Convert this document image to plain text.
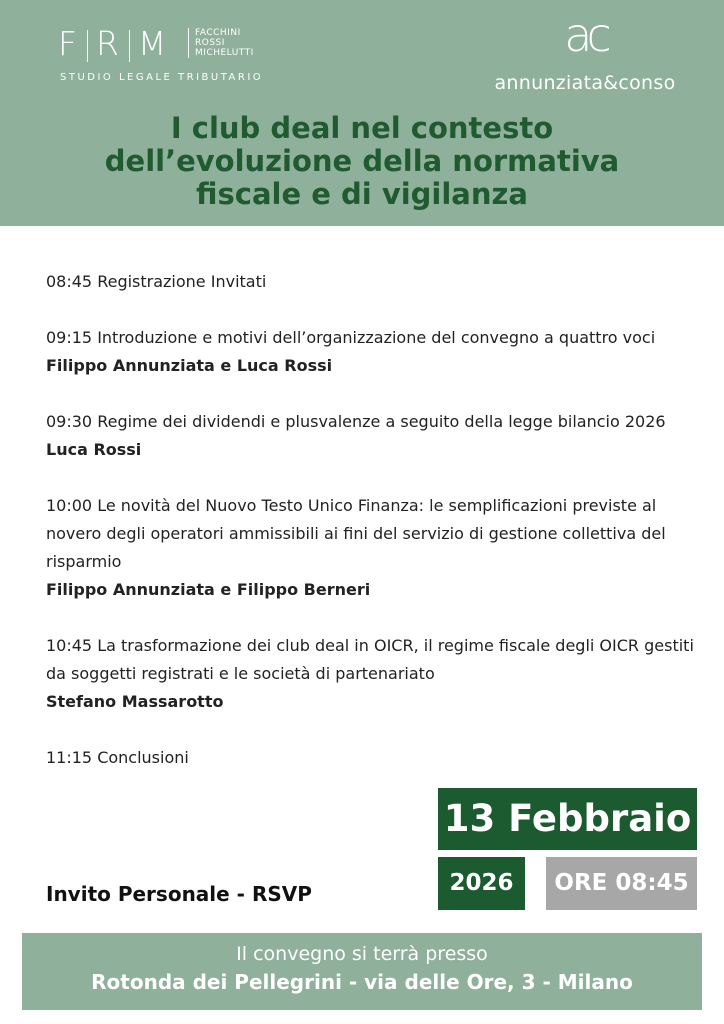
F R M	FACCHINI
ROSSI
MICHELUTTI
STUDIO LEGALE TRIBUTARIO
ac
annunziata&conso
I club deal nel contesto
dell’evoluzione della normativa
fiscale e di vigilanza
08:45 Registrazione Invitati
09:15 Introduzione e motivi dell’organizzazione del convegno a quattro voci
Filippo Annunziata e Luca Rossi
09:30 Regime dei dividendi e plusvalenze a seguito della legge bilancio 2026
Luca Rossi
10:00 Le novità del Nuovo Testo Unico Finanza: le semplificazioni previste al novero degli operatori ammissibili ai fini del servizio di gestione collettiva del risparmio
Filippo Annunziata e Filippo Berneri
10:45 La trasformazione dei club deal in OICR, il regime fiscale degli OICR gestiti da soggetti registrati e le società di partenariato
Stefano Massarotto
11:15 Conclusioni
13 Febbraio
2026	ORE 08:45
Invito Personale - RSVP
Il convegno si terrà presso
Rotonda dei Pellegrini - via delle Ore, 3 - Milano
